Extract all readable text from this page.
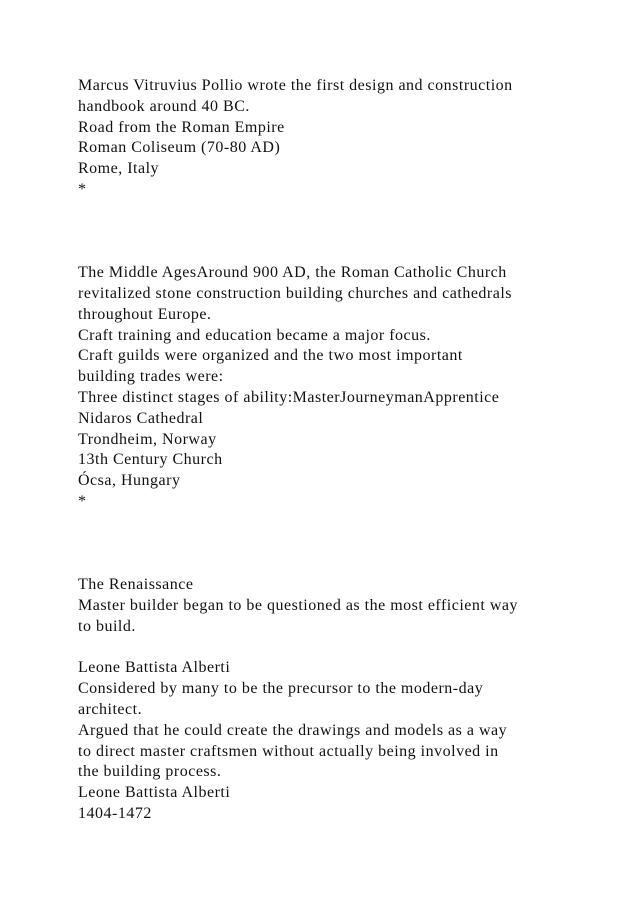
Marcus Vitruvius Pollio wrote the first design and construction
handbook around 40 BC.
Road from the Roman Empire
Roman Coliseum (70-80 AD)
Rome, Italy
*
The Middle AgesAround 900 AD, the Roman Catholic Church
revitalized stone construction building churches and cathedrals
throughout Europe.
Craft training and education became a major focus.
Craft guilds were organized and the two most important
building trades were:
Three distinct stages of ability:MasterJourneymanApprentice
Nidaros Cathedral
Trondheim, Norway
13th Century Church
Ócsa, Hungary
*
The Renaissance
Master builder began to be questioned as the most efficient way
to build.
Leone Battista Alberti
Considered by many to be the precursor to the modern-day
architect.
Argued that he could create the drawings and models as a way
to direct master craftsmen without actually being involved in
the building process.
Leone Battista Alberti
1404-1472
